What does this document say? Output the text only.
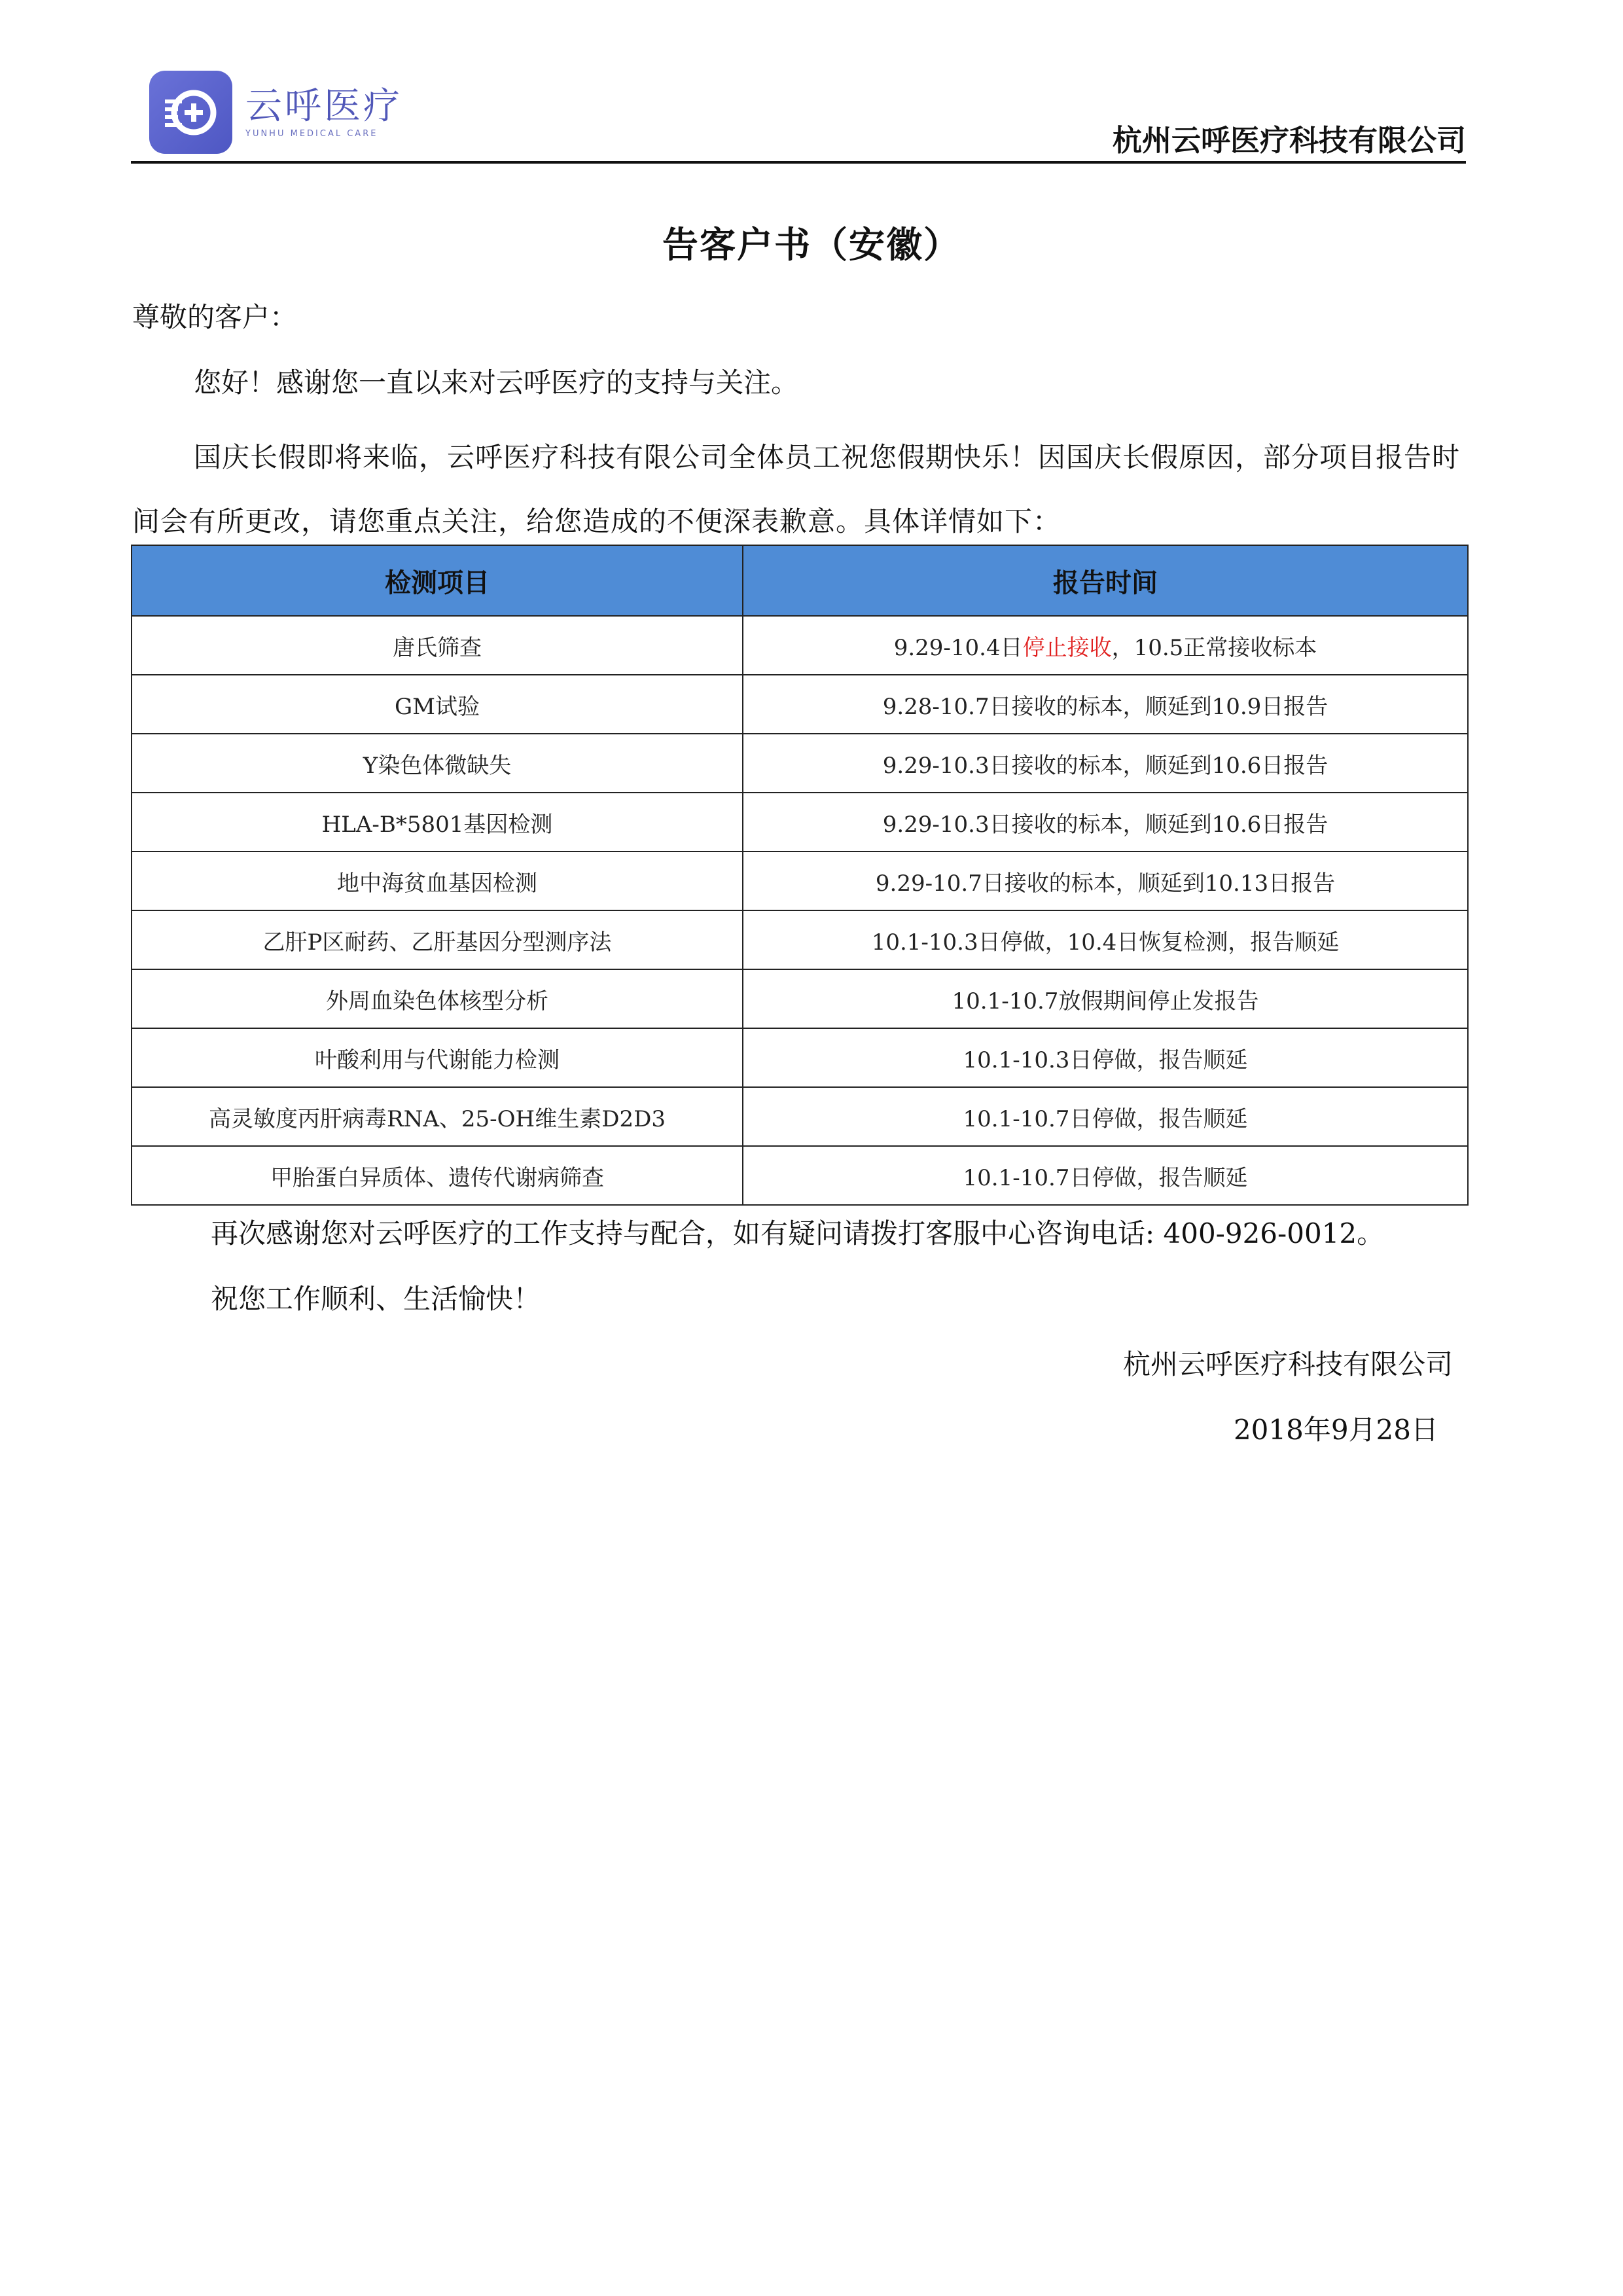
云呼医疗
YUNHU MEDICAL CARE	杭州云呼医疗科技有限公司
告客户书（安徽）
尊敬的客户：
您好！感谢您一直以来对云呼医疗的支持与关注。
国庆长假即将来临，云呼医疗科技有限公司全体员工祝您假期快乐！因国庆长假原因，部分项目报告时间会有所更改，请您重点关注，给您造成的不便深表歉意。具体详情如下：
检测项目	报告时间
唐氏筛查	9.29-10.4日停止接收，10.5正常接收标本
GM试验	9.28-10.7日接收的标本，顺延到10.9日报告
Y染色体微缺失	9.29-10.3日接收的标本，顺延到10.6日报告
HLA-B*5801基因检测	9.29-10.3日接收的标本，顺延到10.6日报告
地中海贫血基因检测	9.29-10.7日接收的标本，顺延到10.13日报告
乙肝P区耐药、乙肝基因分型测序法	10.1-10.3日停做，10.4日恢复检测，报告顺延
外周血染色体核型分析	10.1-10.7放假期间停止发报告
叶酸利用与代谢能力检测	10.1-10.3日停做，报告顺延
高灵敏度丙肝病毒RNA、25-OH维生素D2D3	10.1-10.7日停做，报告顺延
甲胎蛋白异质体、遗传代谢病筛查	10.1-10.7日停做，报告顺延
再次感谢您对云呼医疗的工作支持与配合，如有疑问请拨打客服中心咨询电话: 400-926-0012。
祝您工作顺利、生活愉快！
杭州云呼医疗科技有限公司
2018年9月28日
